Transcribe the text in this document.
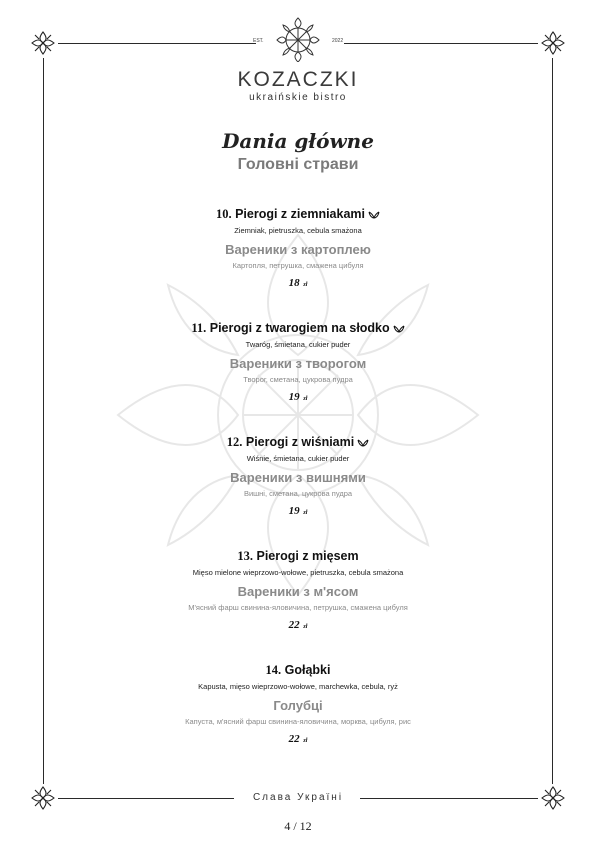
EST.	2022
KOZACZKI
ukraińskie bistro
Dania główne
Головні страви
10. Pierogi z ziemniakami
Ziemniak, pietruszka, cebula smażona
Вареники з картоплею
Картопля, петрушка, смажена цибуля
18 zł
11. Pierogi z twarogiem na słodko
Twaróg, śmietana, cukier puder
Вареники з творогом
Творог, сметана, цукрова пудра
19 zł
12. Pierogi z wiśniami
Wiśnie, śmietana, cukier puder
Вареники з вишнями
Вишні, сметана, цукрова пудра
19 zł
13. Pierogi z mięsem
Mięso mielone wieprzowo-wołowe, pietruszka, cebula smażona
Вареники з м'ясом
М'ясний фарш свинина-яловичина, петрушка, смажена цибуля
22 zł
14. Gołąbki
Kapusta, mięso wieprzowo-wołowe, marchewka, cebula, ryż
Голубці
Капуста, м'ясний фарш свинина-яловичина, морква, цибуля, рис
22 zł
Слава Україні
4 / 12
